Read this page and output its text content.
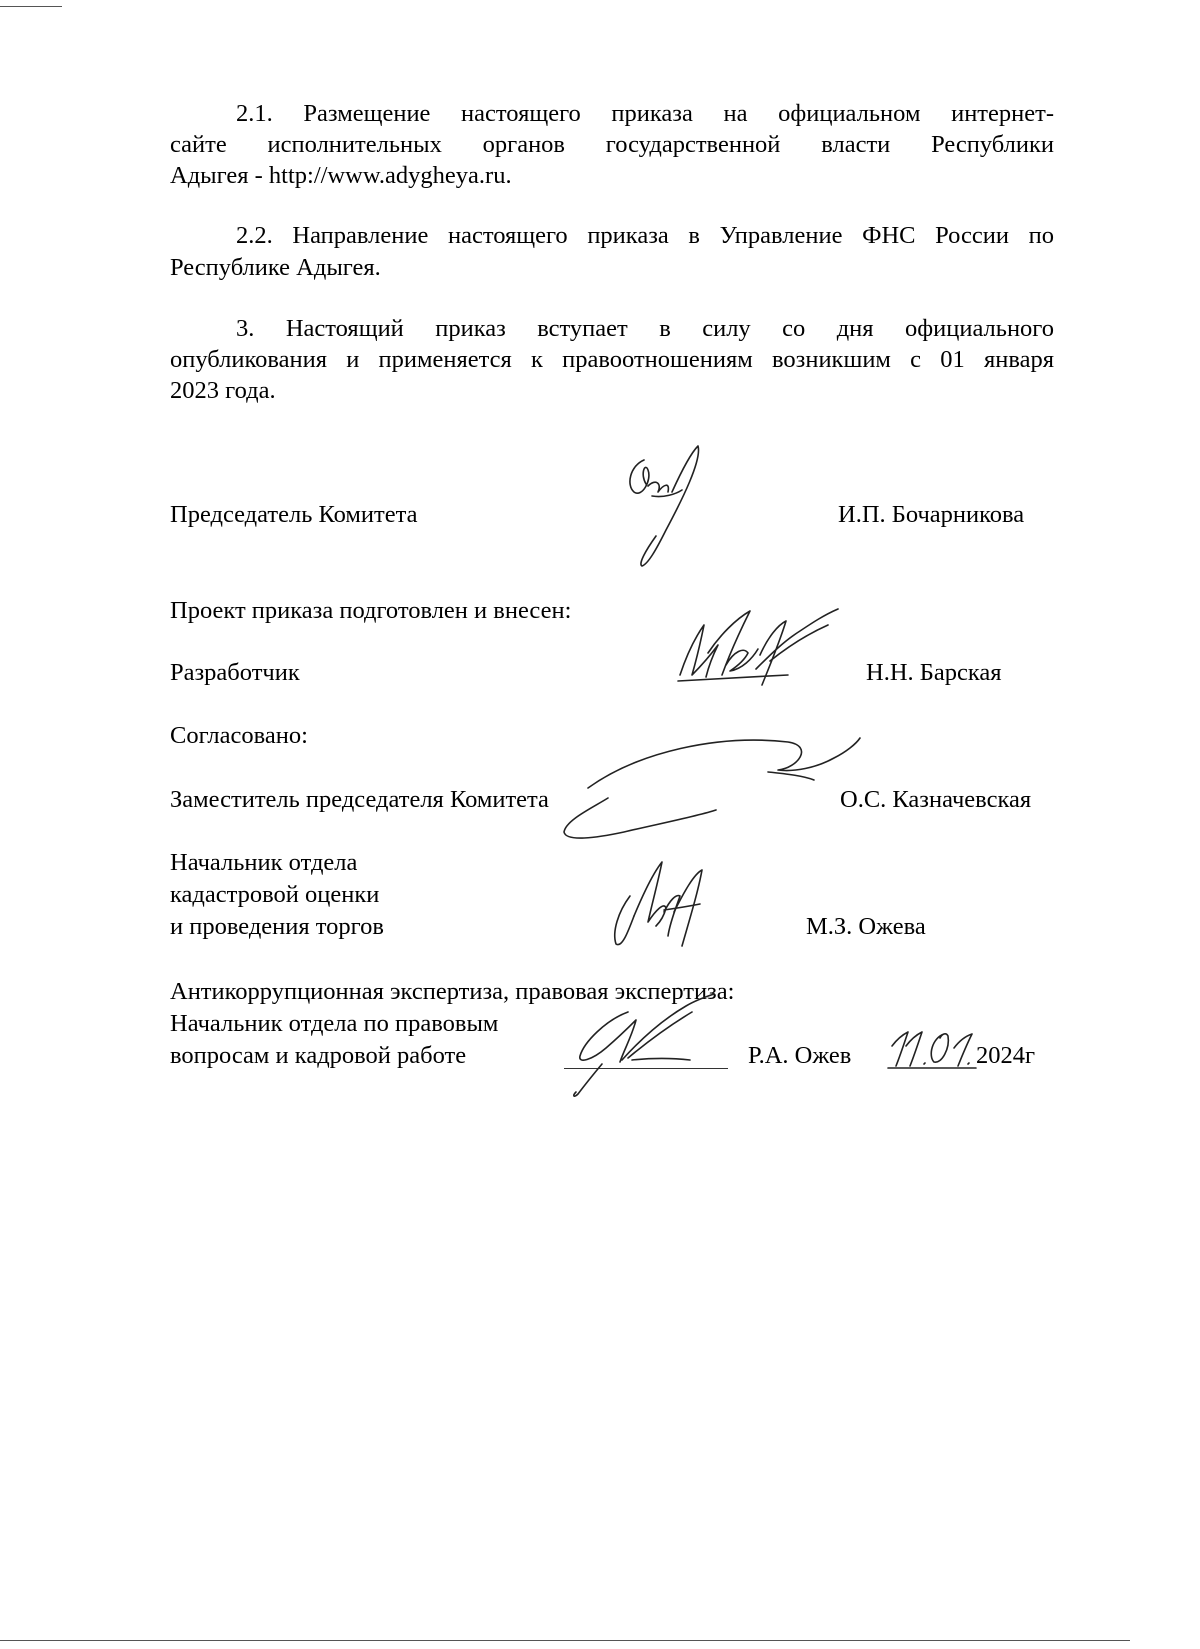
2.1. Размещение настоящего приказа на официальном интернет-
сайте исполнительных органов государственной власти Республики
Адыгея - http://www.adygheya.ru.
2.2. Направление настоящего приказа в Управление ФНС России по
Республике Адыгея.
3. Настоящий приказ вступает в силу со дня официального
опубликования и применяется к правоотношениям возникшим с 01 января
2023 года.
Председатель Комитета	И.П. Бочарникова
Проект приказа подготовлен и внесен:
Разработчик	Н.Н. Барская
Согласовано:
Заместитель председателя Комитета	О.С. Казначевская
Начальник отдела
кадастровой оценки
и проведения торгов	М.З. Ожева
Антикоррупционная экспертиза, правовая экспертиза:
Начальник отдела по правовым
вопросам и кадровой работе	Р.А. Ожев	2024г
